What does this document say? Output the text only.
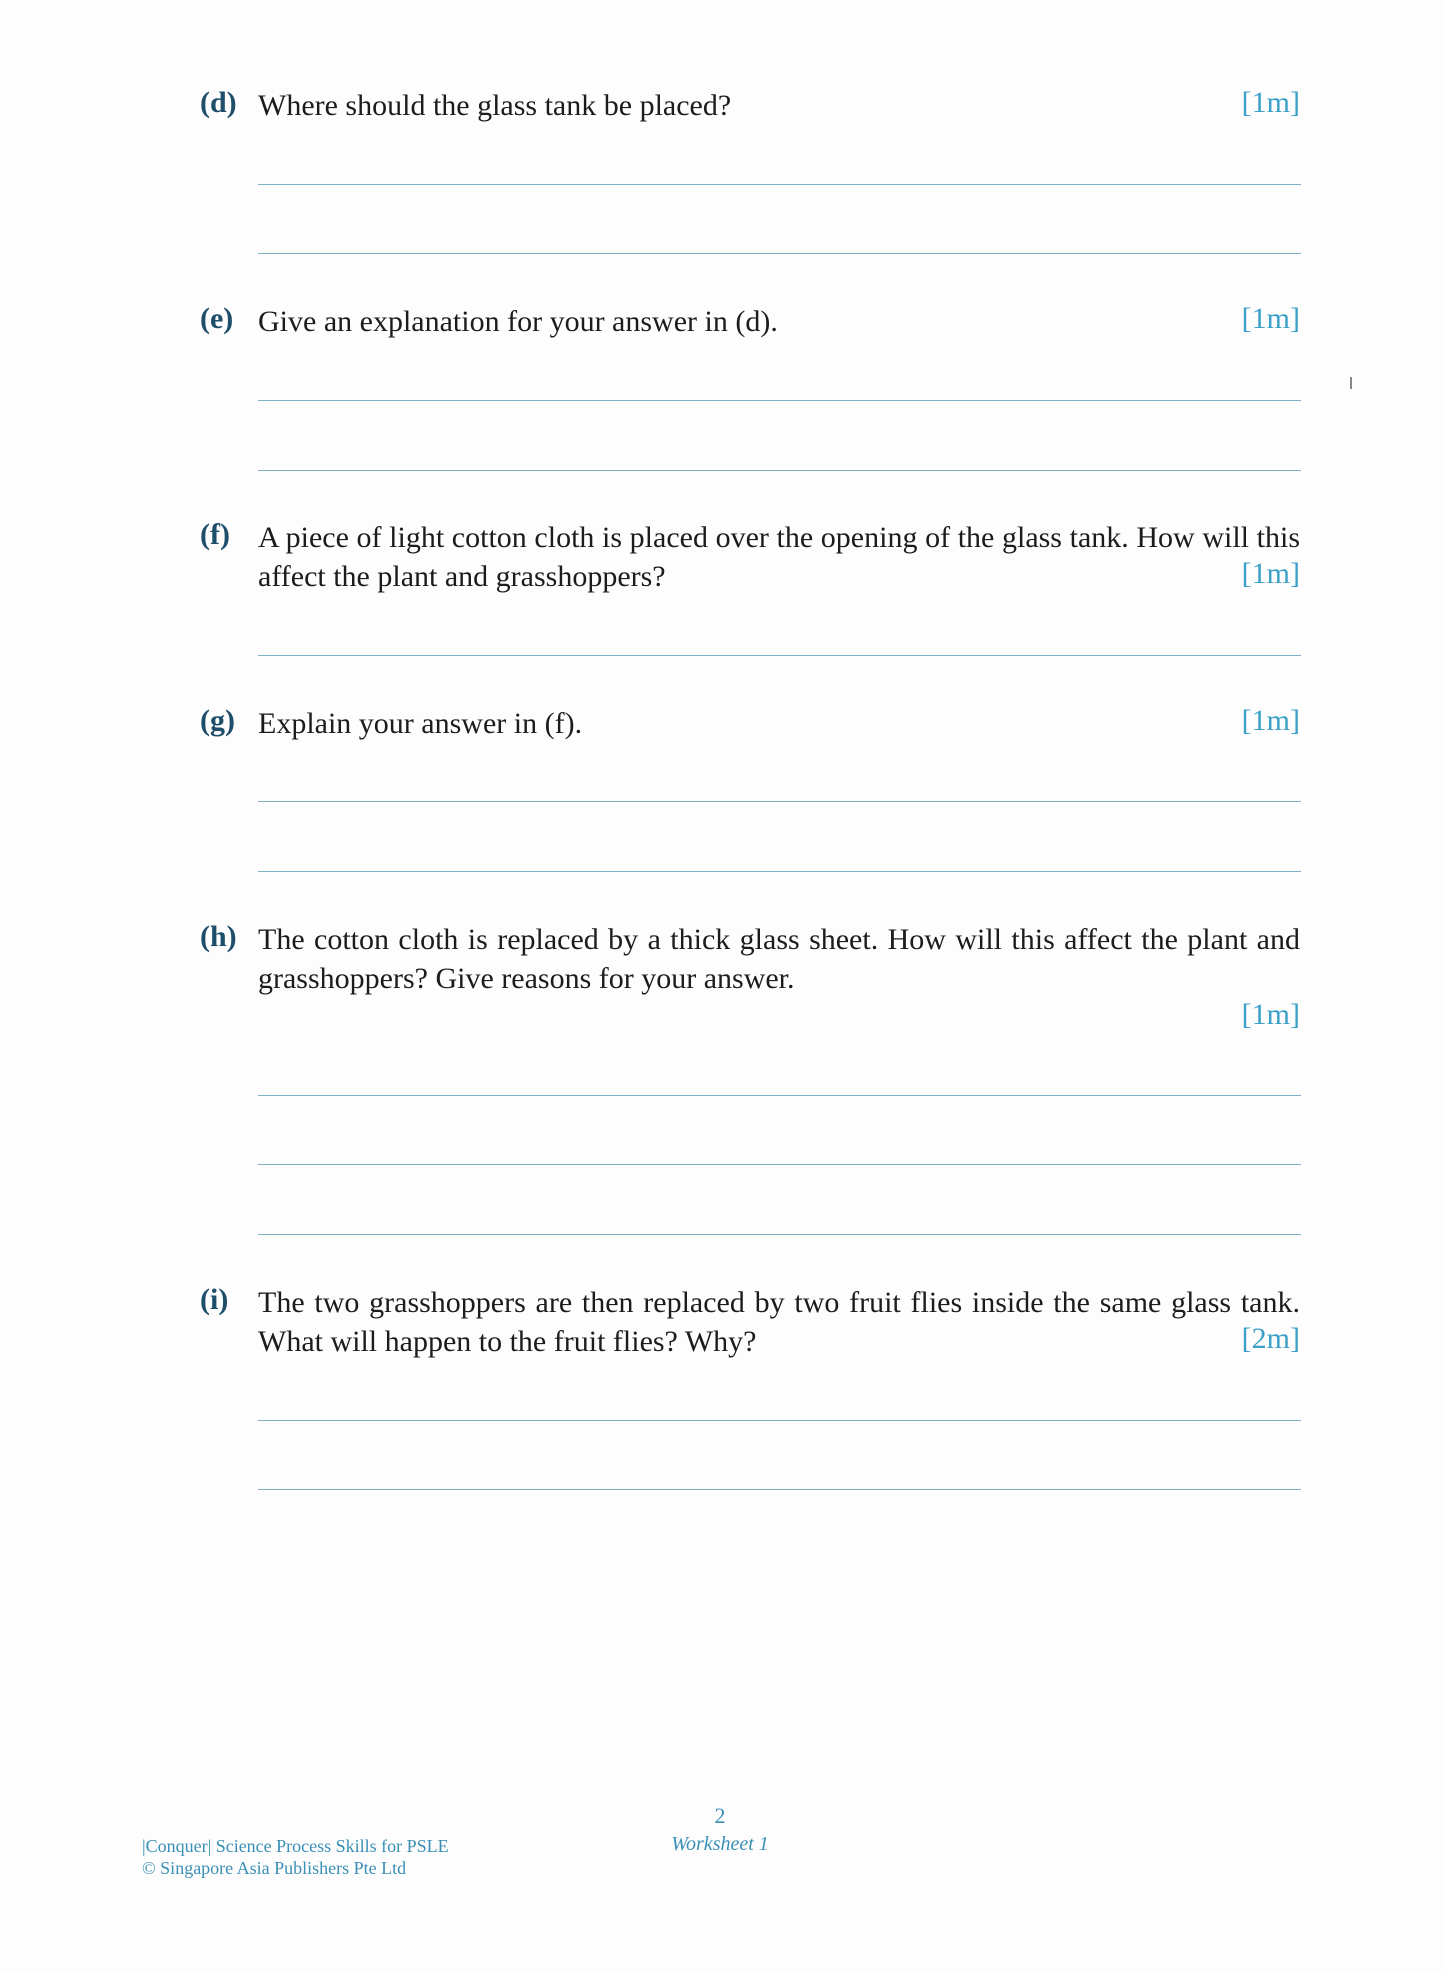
(d) Where should the glass tank be placed?	[1m]
(e) Give an explanation for your answer in (d).	[1m]
(f) A piece of light cotton cloth is placed over the opening of the glass tank. How will this affect the plant and grasshoppers?	[1m]
(g) Explain your answer in (f).	[1m]
(h) The cotton cloth is replaced by a thick glass sheet. How will this affect the plant and grasshoppers? Give reasons for your answer.
[1m]
(i) The two grasshoppers are then replaced by two fruit flies inside the same glass tank. What will happen to the fruit flies? Why?	[2m]
|Conquer| Science Process Skills for PSLE
© Singapore Asia Publishers Pte Ltd
2
Worksheet 1
